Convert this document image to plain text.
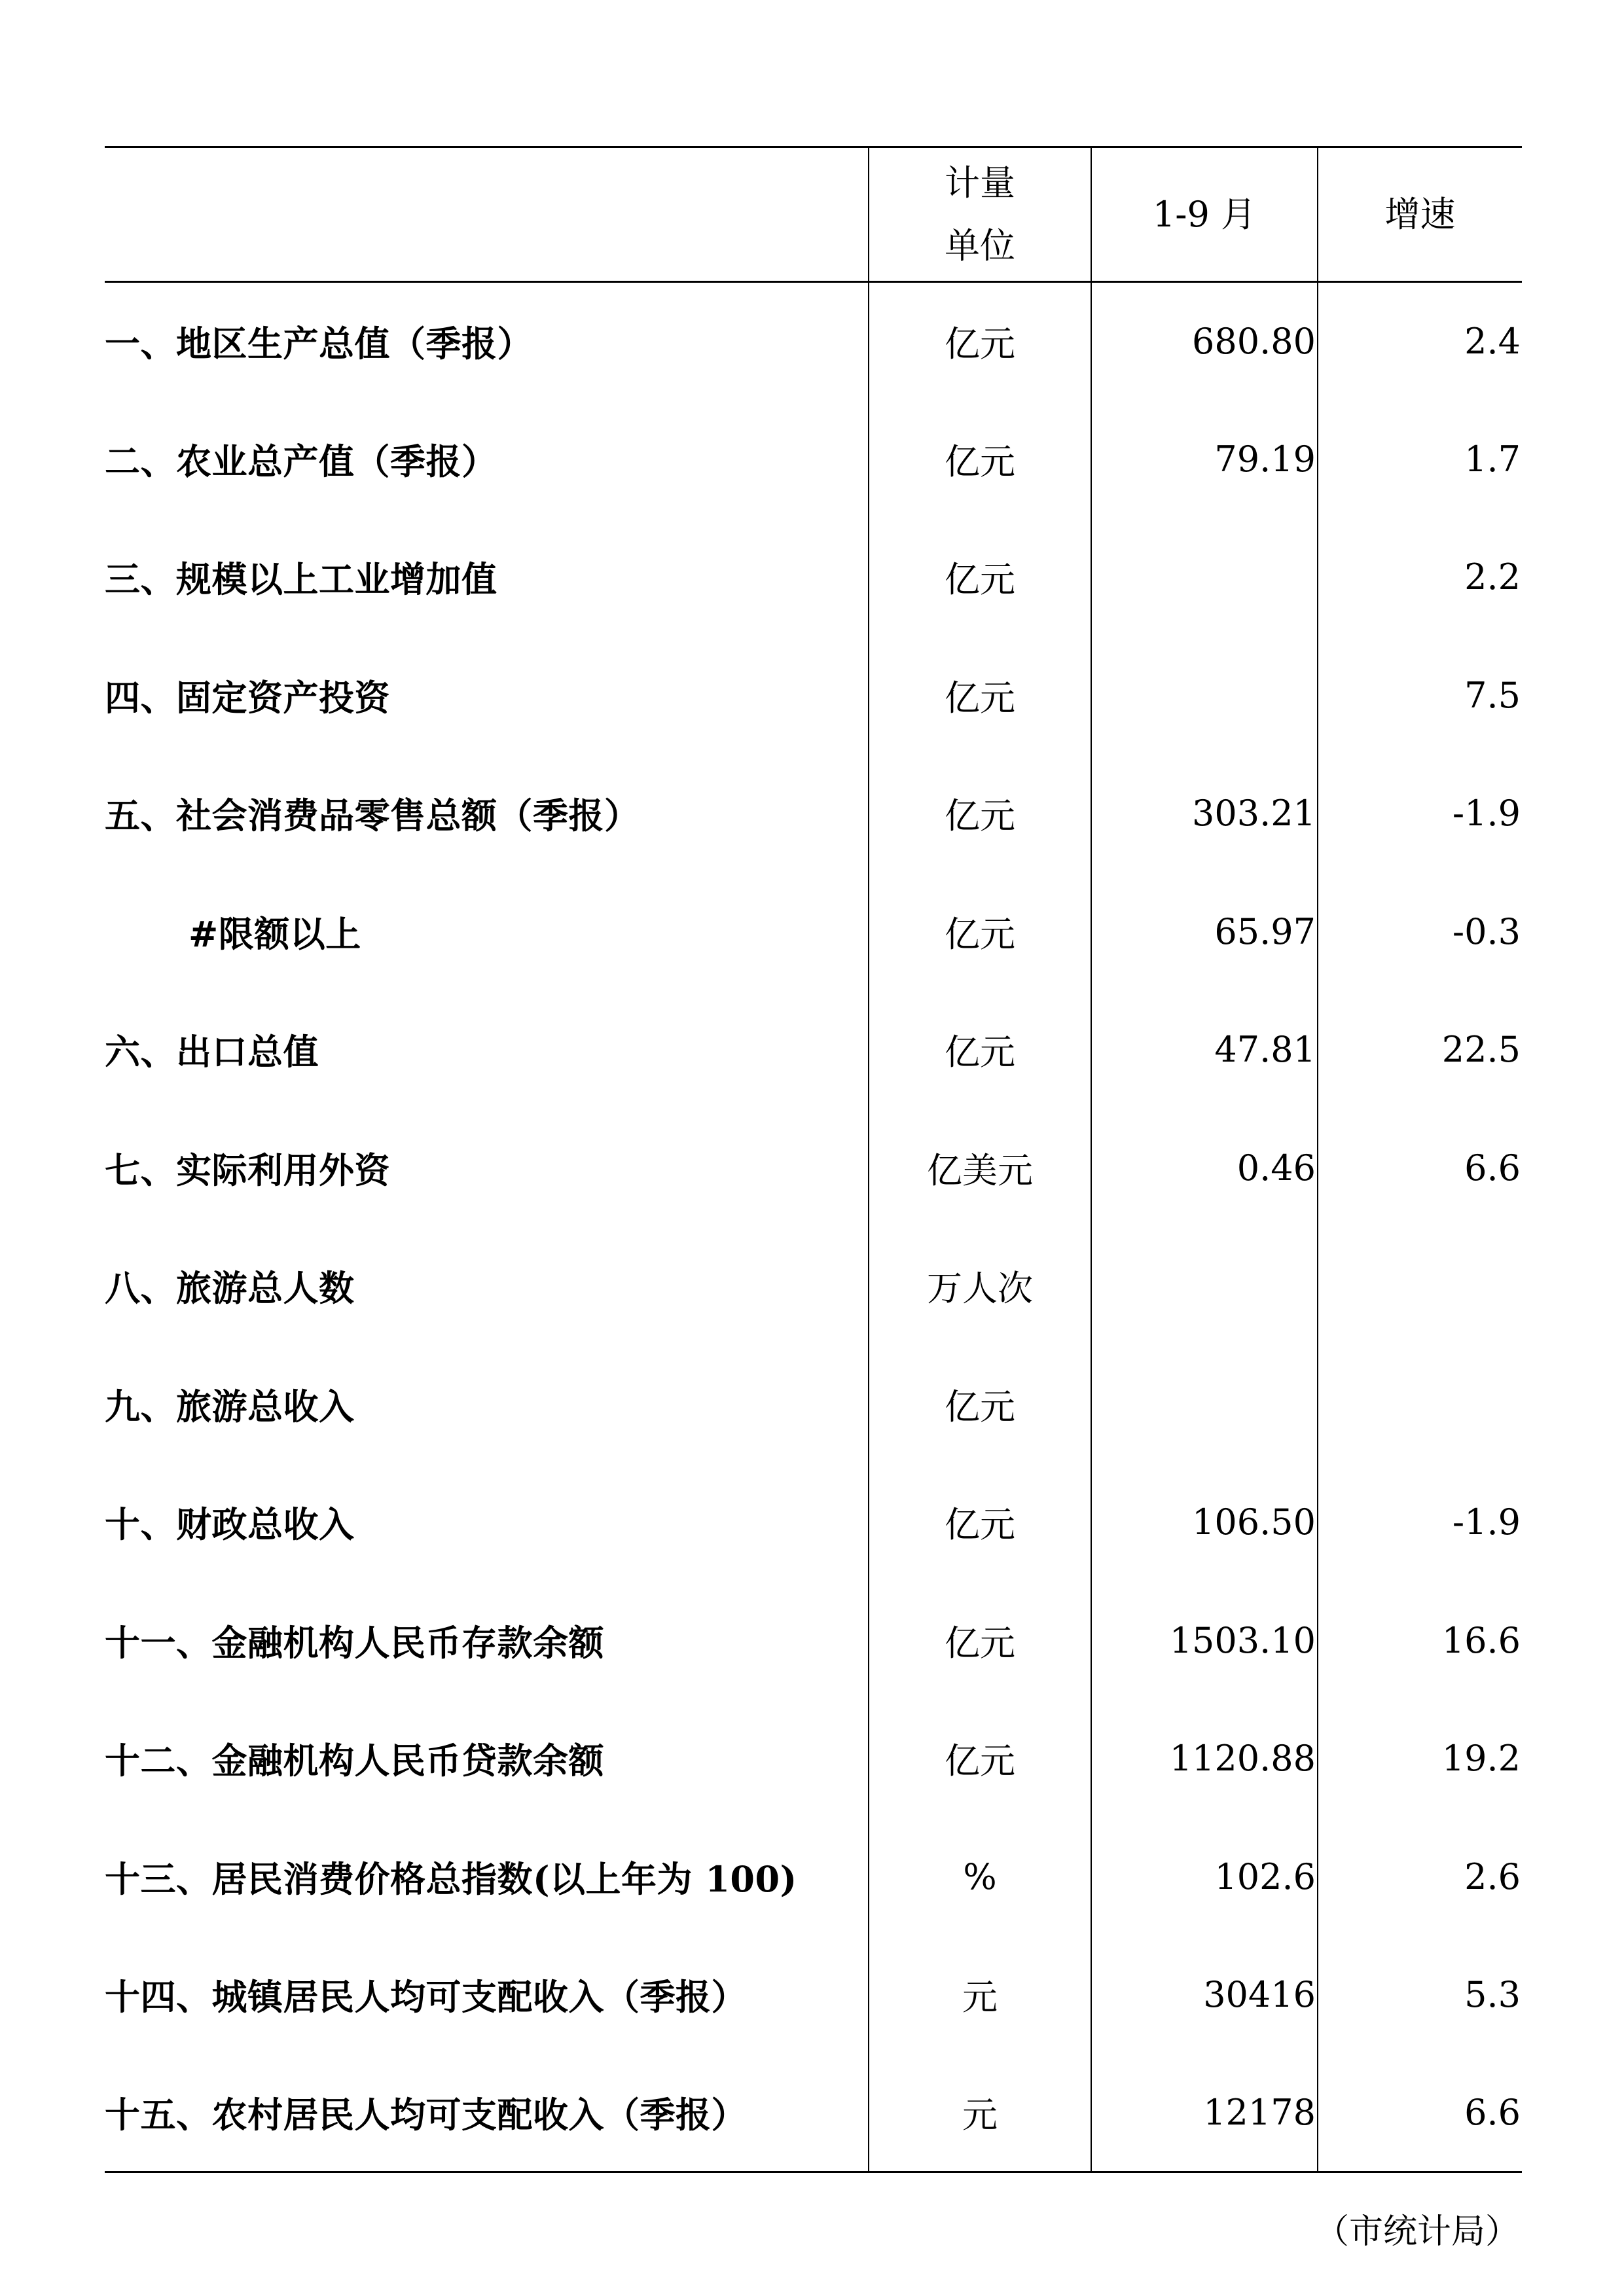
	计量
单位	1-9 月	增速
一、地区生产总值（季报）	亿元	680.80	2.4
二、农业总产值（季报）	亿元	79.19	1.7
三、规模以上工业增加值	亿元		2.2
四、固定资产投资	亿元		7.5
五、社会消费品零售总额（季报）	亿元	303.21	-1.9
#限额以上	亿元	65.97	-0.3
六、出口总值	亿元	47.81	22.5
七、实际利用外资	亿美元	0.46	6.6
八、旅游总人数	万人次		
九、旅游总收入	亿元		
十、财政总收入	亿元	106.50	-1.9
十一、金融机构人民币存款余额	亿元	1503.10	16.6
十二、金融机构人民币贷款余额	亿元	1120.88	19.2
十三、居民消费价格总指数(以上年为 100)	%	102.6	2.6
十四、城镇居民人均可支配收入（季报）	元	30416	5.3
十五、农村居民人均可支配收入（季报）	元	12178	6.6
（市统计局）
